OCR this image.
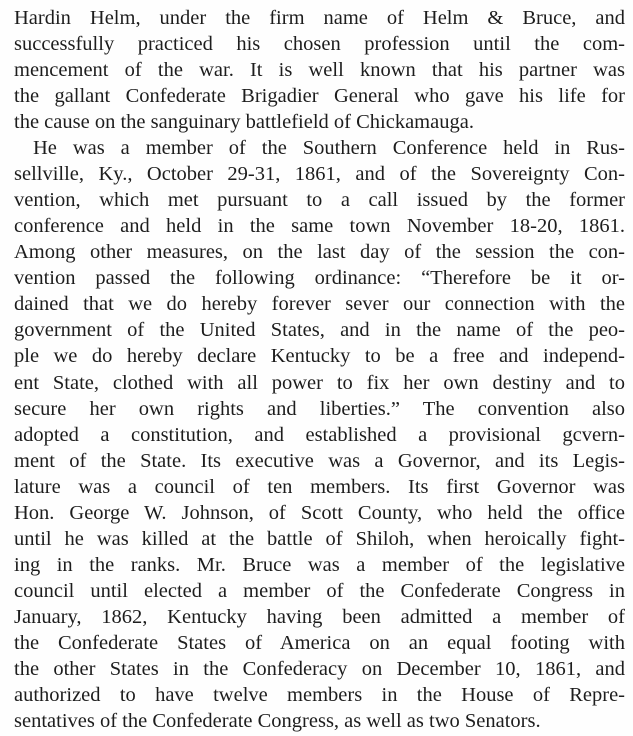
Hardin Helm, under the firm name of Helm & Bruce, and

successfully practiced his chosen profession until the com-

mencement of the war. It is well known that his partner was

the gallant Confederate Brigadier General who gave his life for

the cause on the sanguinary battlefield of Chickamauga.

He was a member of the Southern Conference held in Rus-

sellville, Ky., October 29-31, 1861, and of the Sovereignty Con-

vention, which met pursuant to a call issued by the former

conference and held in the same town November 18-20, 1861.

Among other measures, on the last day of the session the con-

vention passed the following ordinance: “Therefore be it or-

dained that we do hereby forever sever our connection with the

government of the United States, and in the name of the peo-

ple we do hereby declare Kentucky to be a free and independ-

ent State, clothed with all power to fix her own destiny and to

secure her own rights and liberties.” The convention also

adopted a constitution, and established a provisional gcvern-

ment of the State. Its executive was a Governor, and its Legis-

lature was a council of ten members. Its first Governor was

Hon. George W. Johnson, of Scott County, who held the office

until he was killed at the battle of Shiloh, when heroically fight-

ing in the ranks. Mr. Bruce was a member of the legislative

council until elected a member of the Confederate Congress in

January, 1862, Kentucky having been admitted a member of

the Confederate States of America on an equal footing with

the other States in the Confederacy on December 10, 1861, and

authorized to have twelve members in the House of Repre-

sentatives of the Confederate Congress, as well as two Senators.
